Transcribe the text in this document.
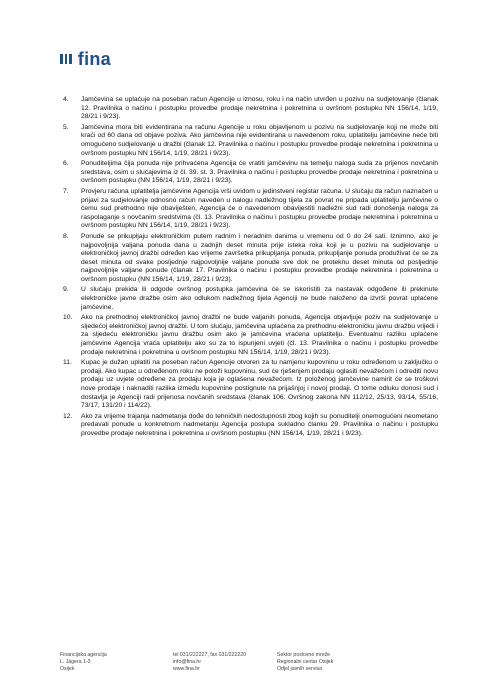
fina
4. Jamčevina se uplaćuje na poseban račun Agencije u iznosu, roku i na način utvrđen u pozivu na sudjelovanje (članak 12. Pravilnika o načinu i postupku provedbe prodaje nekretnina i pokretnina u ovršnom postupku NN 156/14, 1/19, 28/21 i 9/23).
5. Jamčevina mora biti evidentirana na računu Agencije u roku objavljenom u pozivu na sudjelovanje koji ne može biti kraći od 60 dana od objave poziva. Ako jamčevina nije evidentirana u navedenom roku, uplatitelju jamčevine neće biti omogućeno sudjelovanje u dražbi (članak 12. Pravilnika o načinu i postupku provedbe prodaje nekretnina i pokretnina u ovršnom postupku NN 156/14, 1/19, 28/21 i 9/23).
6. Ponuditeljima čija ponuda nije prihvaćena Agencija će vratiti jamčevinu na temelju naloga suda za prijenos novčanih sredstava, osim u slučajevima iz čl. 39. st. 3. Pravilnika o načinu i postupku provedbe prodaje nekretnina i pokretnina u ovršnom postupku (NN 156/14, 1/19, 28/21 i 9/23).
7. Provjeru računa uplatitelja jamčevine Agencija vrši uvidom u jedinstveni registar računa. U slučaju da račun naznačen u prijavi za sudjelovanje odnosno račun naveden u nalogu nadležnog tijela za povrat ne pripada uplatitelju jamčevine o čemu sud prethodno nije obaviješten, Agencija će o navedenom obavijestiti nadležni sud radi donošenja naloga za raspolaganje s novčanim sredstvima (čl. 13. Pravilnika o načinu i postupku provedbe prodaje nekretnina i pokretnina u ovršnom postupku NN 156/14, 1/19, 28/21 i 9/23).
8. Ponude se prikupljaju elektroničkim putem radnim i neradnim danima u vremenu od 0 do 24 sati. Iznimno, ako je najpovoljnija valjana ponuda dana u zadnjih deset minuta prije isteka roka koji je u pozivu na sudjelovanje u elektroničkoj javnoj dražbi određen kao vrijeme završetka prikupljanja ponuda, prikupljanje ponuda produživat će se za deset minuta od svake posljednje najpovoljnije valjane ponude sve dok ne proteknu deset minuta od posljednje najpovoljnije valjane ponude (članak 17. Pravilnika o načinu i postupku provedbe prodaje nekretnina i pokretnina u ovršnom postupku (NN 156/14, 1/19, 28/21 i 9/23).
9. U slučaju prekida ili odgode ovršnog postupka jamčevina će se iskoristiti za nastavak odgođene ili prekinute elektroničke javne dražbe osim ako odlukom nadležnog tijela Agenciji ne bude naloženo da izvrši povrat uplaćene jamčevine.
10. Ako na prethodnoj elektroničkoj javnoj dražbi ne bude valjanih ponuda, Agencija objavljuje poziv na sudjelovanje u sljedećoj elektroničkoj javnoj dražbi. U tom slučaju, jamčevina uplaćena za prethodnu elektroničku javnu dražbu vrijedi i za sljedeću elektroničku javnu dražbu osim ako je jamčevina vraćena uplatitelju. Eventualnu razliku uplaćene jamčevine Agencija vraća uplatitelju ako su za to ispunjeni uvjeti (čl. 13. Pravilnika o načinu i postupku provedbe prodaje nekretnina i pokretnina u ovršnom postupku NN 156/14, 1/19, 28/21 i 9/23).
11. Kupac je dužan uplatiti na poseban račun Agencije otvoren za tu namjenu kupovninu u roku određenom u zaključku o prodaji. Ako kupac u određenom roku ne položi kupovninu, sud će rješenjem prodaju oglasiti nevažećom i odrediti novu prodaju uz uvjete određene za prodaju koja je oglašena nevažećom. Iz položenog jamčevine namirit će se troškovi nove prodaje i naknaditi razlika između kupovnine postignute na prijašnjoj i novoj prodaji. O tome odluku donosi sud i dostavlja je Agenciji radi prijenosa novčanih sredstava (članak 106. Ovršnog zakona NN 112/12, 25/13, 93/14, 55/16, 73/17, 131/20 i 114/22).
12. Ako za vrijeme trajanja nadmetanja dođe do tehničkih nedostupnosti zbog kojih su ponuditelji onemogućeni neometano predavati ponude u konkretnom nadmetanju Agencija postupa sukladno članku 29. Pravilnika o načinu i postupku provedbe prodaje nekretnina i pokretnina u ovršnom postupku (NN 156/14, 1/19, 28/21 i 9/23).
Financijska agencija
L. Jägera 1-3
Osijek
tel 031/222227, fax 031/222220
info@fina.hr
www.fina.hr
Sektor poslovne mreže
Regionalni centar Osijek
Odjel javnih servisa
